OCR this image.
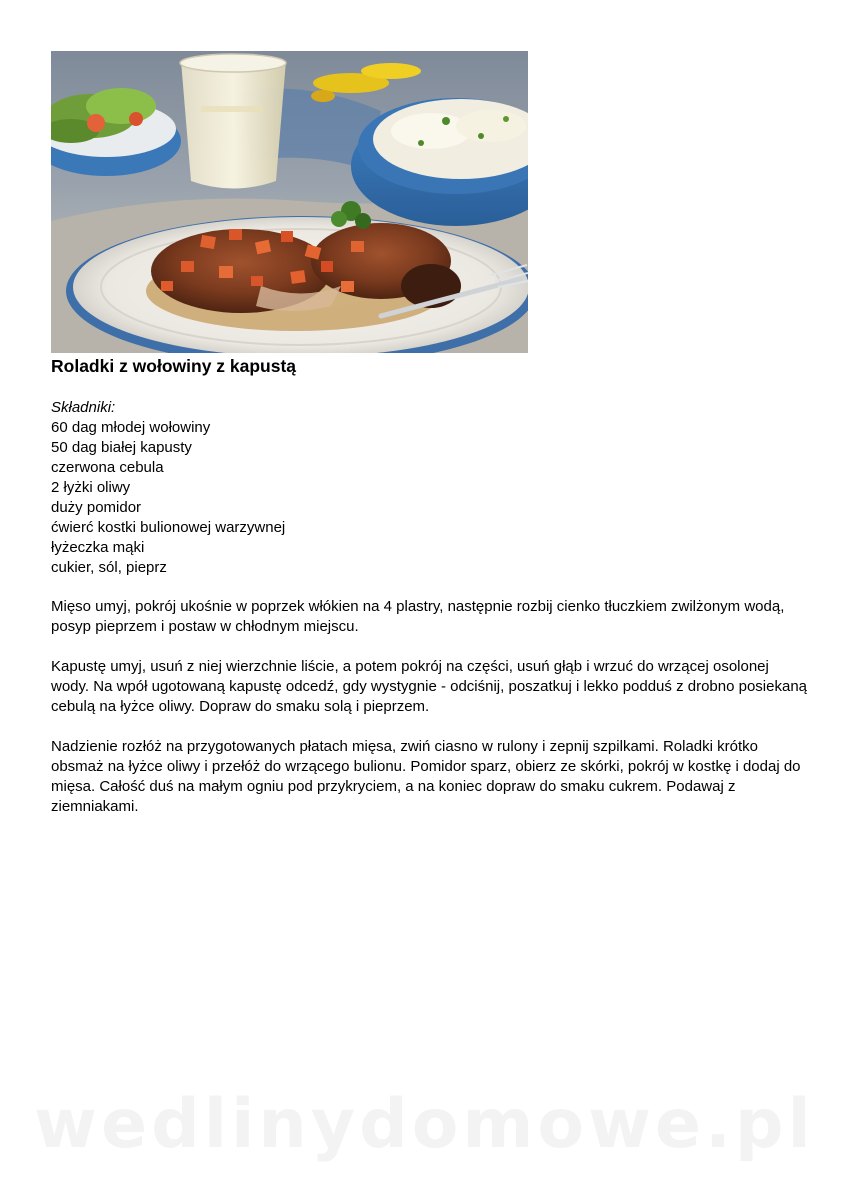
Roladki z wołowiny z kapustą
Składniki:
60 dag młodej wołowiny
50 dag białej kapusty
czerwona cebula
2 łyżki oliwy
duży pomidor
ćwierć kostki bulionowej warzywnej
łyżeczka mąki
cukier, sól, pieprz

Mięso umyj, pokrój ukośnie w poprzek włókien na 4 plastry, następnie rozbij cienko tłuczkiem zwilżonym wodą, posyp pieprzem i postaw w chłodnym miejscu.

Kapustę umyj, usuń z niej wierzchnie liście, a potem pokrój na części, usuń głąb i wrzuć do wrzącej osolonej wody. Na wpół ugotowaną kapustę odcedź, gdy wystygnie - odciśnij, poszatkuj i lekko podduś z drobno posiekaną cebulą na łyżce oliwy. Dopraw do smaku solą i pieprzem.

Nadzienie rozłóż na przygotowanych płatach mięsa, zwiń ciasno w rulony i zepnij szpilkami. Roladki krótko obsmaż na łyżce oliwy i przełóż do wrzącego bulionu. Pomidor sparz, obierz ze skórki, pokrój w kostkę i dodaj do mięsa. Całość duś na małym ogniu pod przykryciem, a na koniec dopraw do smaku cukrem. Podawaj z ziemniakami.

wedlinydomowe.pl
